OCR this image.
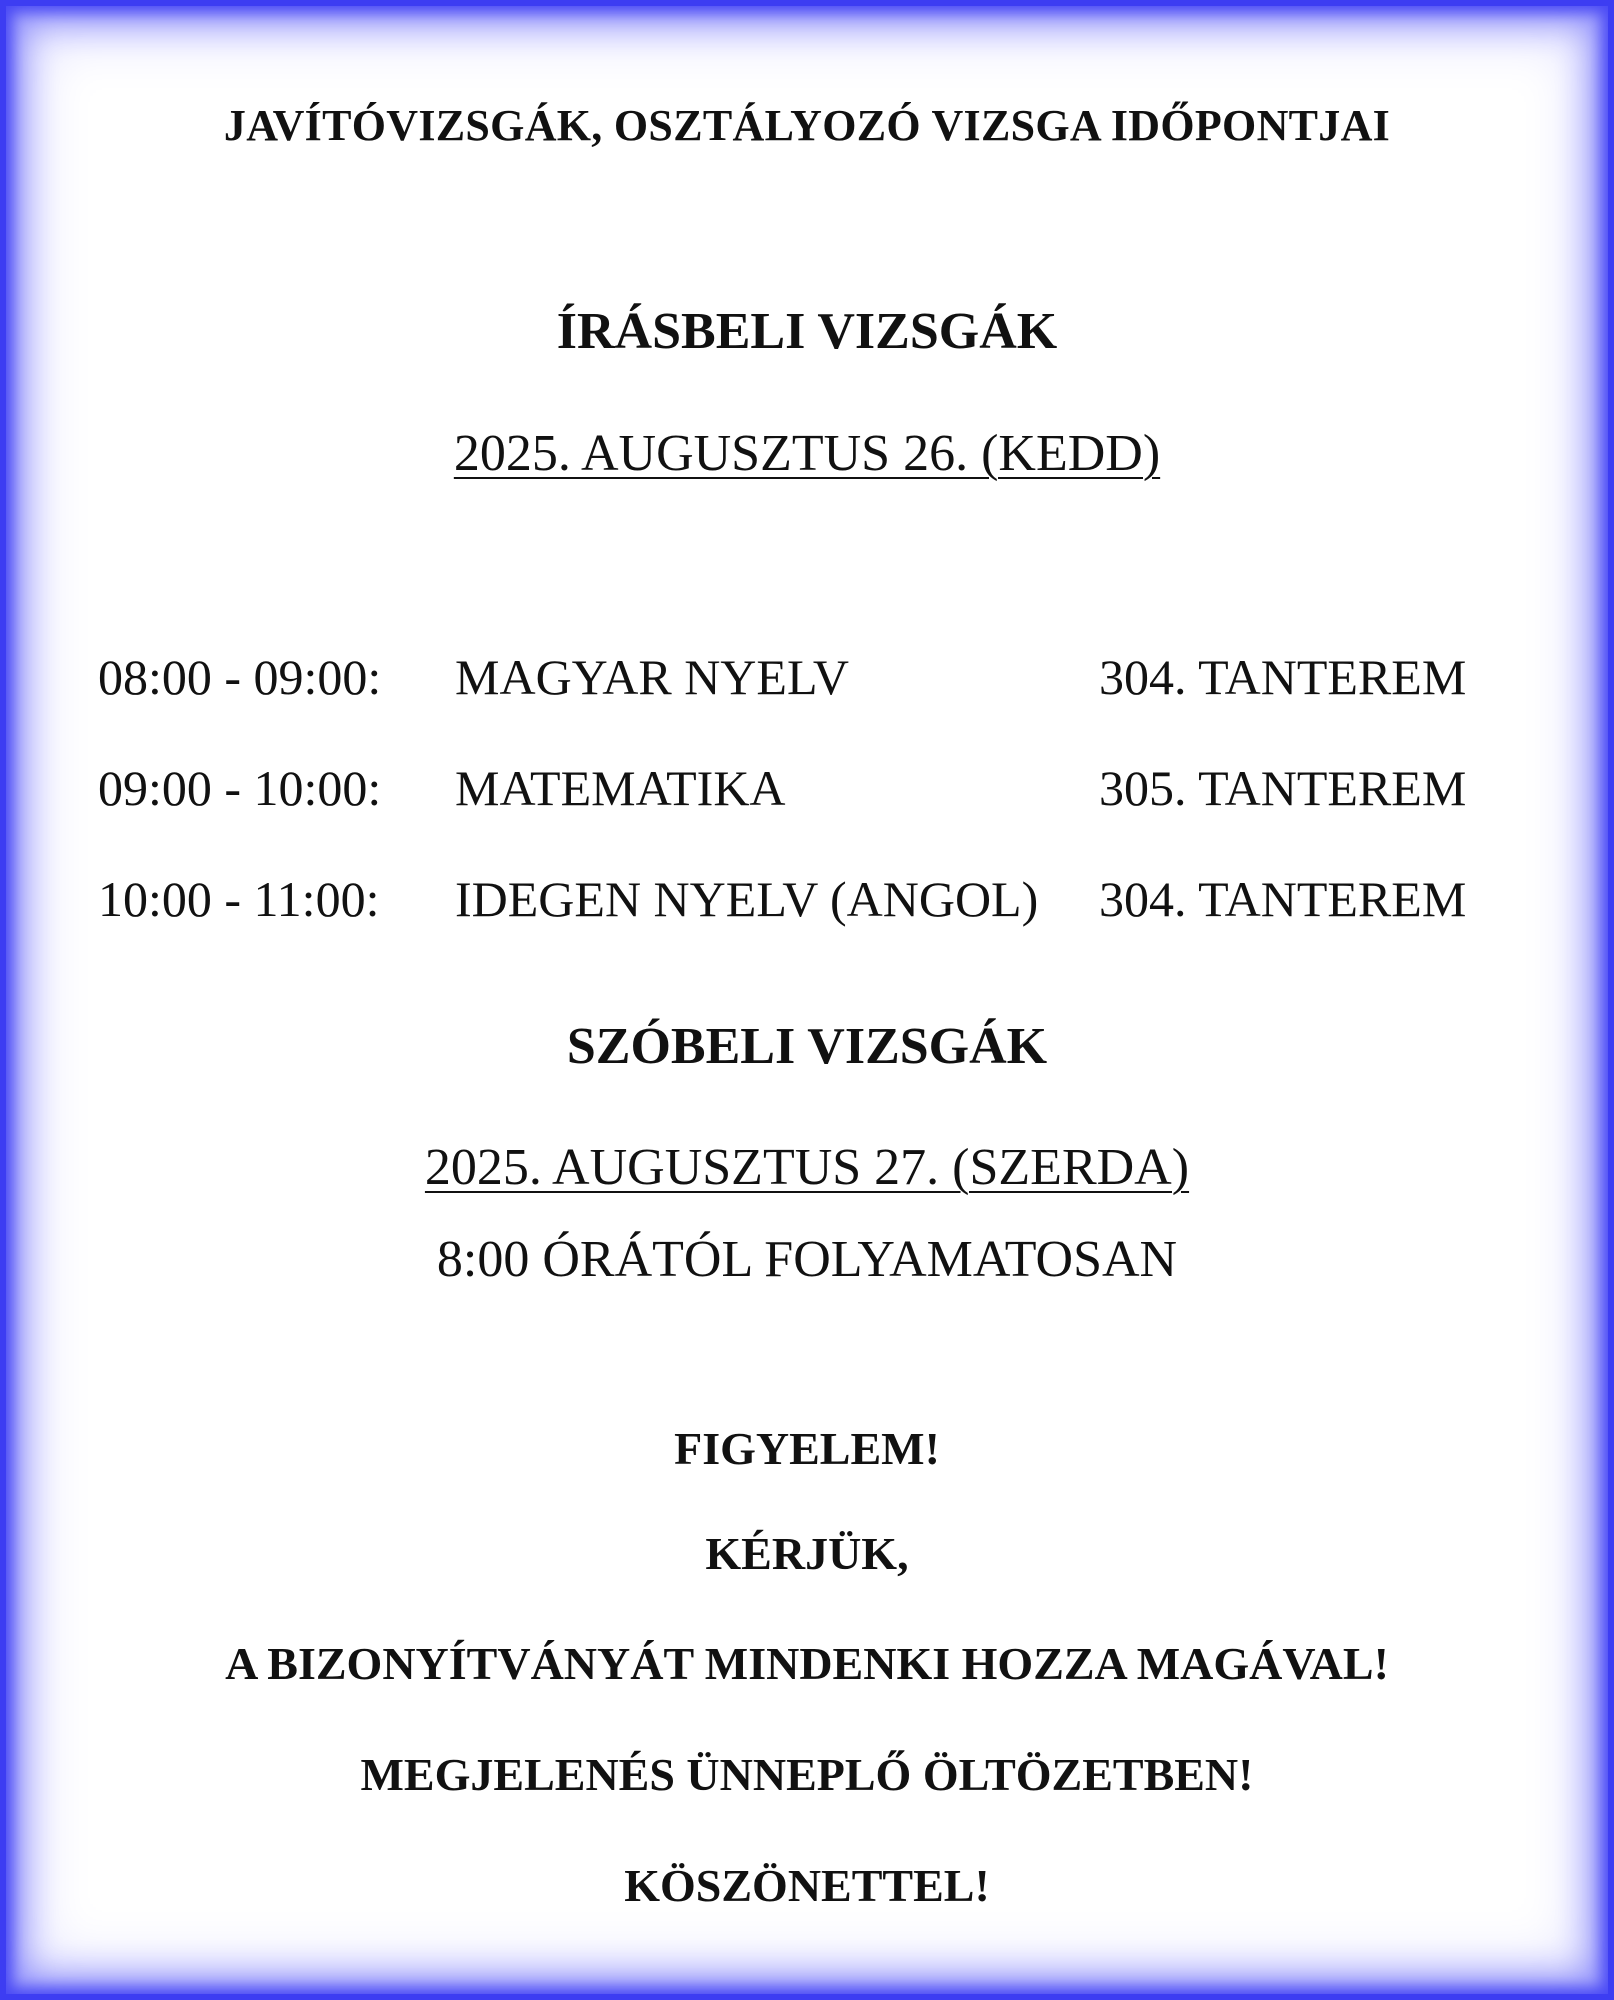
JAVÍTÓVIZSGÁK, OSZTÁLYOZÓ VIZSGA IDŐPONTJAI
ÍRÁSBELI VIZSGÁK
2025. AUGUSZTUS 26. (KEDD)
08:00 - 09:00: MAGYAR NYELV	304. TANTEREM
09:00 - 10:00: MATEMATIKA	305. TANTEREM
10:00 - 11:00: IDEGEN NYELV (ANGOL) 304. TANTEREM
SZÓBELI VIZSGÁK
2025. AUGUSZTUS 27. (SZERDA)
8:00 ÓRÁTÓL FOLYAMATOSAN
FIGYELEM!
KÉRJÜK,
A BIZONYÍTVÁNYÁT MINDENKI HOZZA MAGÁVAL!
MEGJELENÉS ÜNNEPLŐ ÖLTÖZETBEN!
KÖSZÖNETTEL!
